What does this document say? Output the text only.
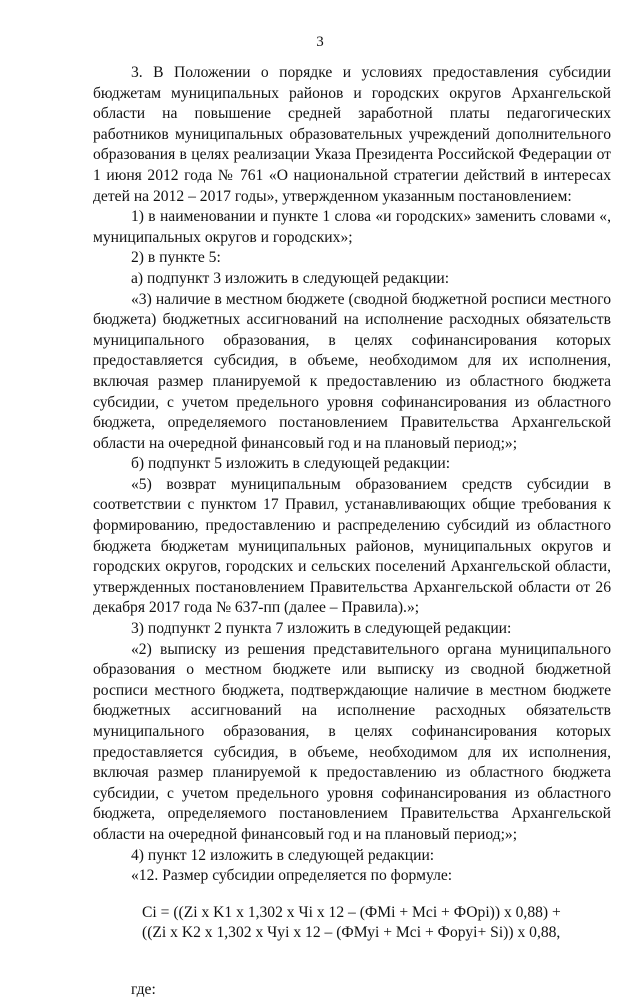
3

3. В Положении о порядке и условиях предоставления субсидии бюджетам муниципальных районов и городских округов Архангельской области на повышение средней заработной платы педагогических работников муниципальных образовательных учреждений дополнительного образования в целях реализации Указа Президента Российской Федерации от 1 июня 2012 года № 761 «О национальной стратегии действий в интересах детей на 2012 – 2017 годы», утвержденном указанным постановлением:

1) в наименовании и пункте 1 слова «и городских» заменить словами «, муниципальных округов и городских»;

2) в пункте 5:

а) подпункт 3 изложить в следующей редакции:

«3) наличие в местном бюджете (сводной бюджетной росписи местного бюджета) бюджетных ассигнований на исполнение расходных обязательств муниципального образования, в целях софинансирования которых предоставляется субсидия, в объеме, необходимом для их исполнения, включая размер планируемой к предоставлению из областного бюджета субсидии, с учетом предельного уровня софинансирования из областного бюджета, определяемого постановлением Правительства Архангельской области на очередной финансовый год и на плановый период;»;

б) подпункт 5 изложить в следующей редакции:

«5) возврат муниципальным образованием средств субсидии в соответствии с пунктом 17 Правил, устанавливающих общие требования к формированию, предоставлению и распределению субсидий из областного бюджета бюджетам муниципальных районов, муниципальных округов и городских округов, городских и сельских поселений Архангельской области, утвержденных постановлением Правительства Архангельской области от 26 декабря 2017 года № 637-пп (далее – Правила).»;

3) подпункт 2 пункта 7 изложить в следующей редакции:

«2) выписку из решения представительного органа муниципального образования о местном бюджете или выписку из сводной бюджетной росписи местного бюджета, подтверждающие наличие в местном бюджете бюджетных ассигнований на исполнение расходных обязательств муниципального образования, в целях софинансирования которых предоставляется субсидия, в объеме, необходимом для их исполнения, включая размер планируемой к предоставлению из областного бюджета субсидии, с учетом предельного уровня софинансирования из областного бюджета, определяемого постановлением Правительства Архангельской области на очередной финансовый год и на плановый период;»;

4) пункт 12 изложить в следующей редакции:

«12. Размер субсидии определяется по формуле:

Ci = ((Zi x K1 x 1,302 x Чi x 12 – (ФМi + Мсi + ФОрi)) x 0,88) +
((Zi x K2 x 1,302 x Чуi x 12 – (ФМуi + Мсi + Форуi+ Si)) x 0,88,

где:
